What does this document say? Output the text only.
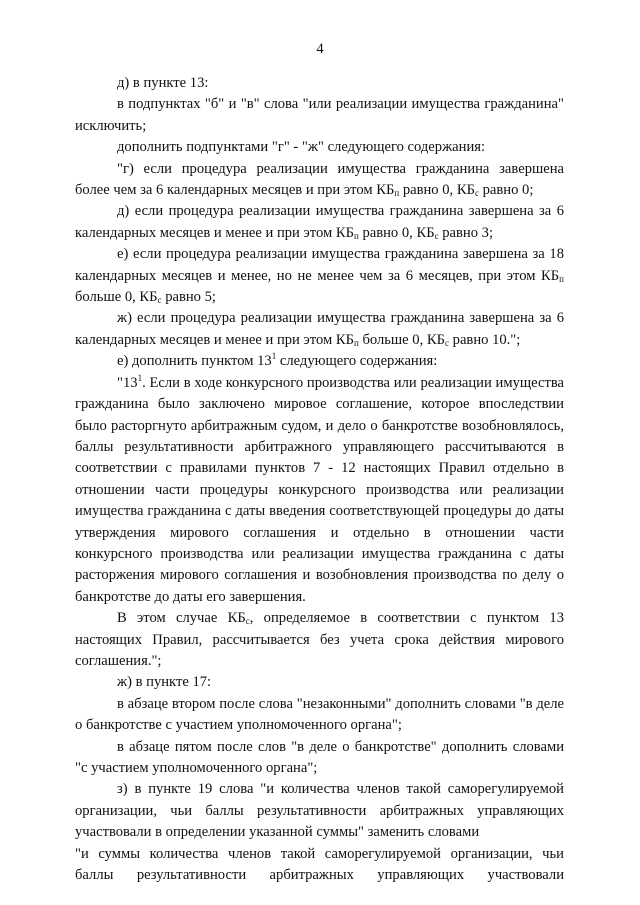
4

д) в пункте 13:

в подпунктах "б" и "в" слова "или реализации имущества гражданина" исключить;

дополнить подпунктами "г" - "ж" следующего содержания:

"г) если процедура реализации имущества гражданина завершена более чем за 6 календарных месяцев и при этом $КБ_п$ равно 0, $КБ_с$ равно 0;

д) если процедура реализации имущества гражданина завершена за 6 календарных месяцев и менее и при этом $КБ_п$ равно 0, $КБ_с$ равно 3;

е) если процедура реализации имущества гражданина завершена за 18 календарных месяцев и менее, но не менее чем за 6 месяцев, при этом $КБ_п$ больше 0, $КБ_с$ равно 5;

ж) если процедура реализации имущества гражданина завершена за 6 календарных месяцев и менее и при этом $КБ_п$ больше 0, $КБ_с$ равно 10.";

е) дополнить пунктом $13^1$ следующего содержания:

"$13^1$. Если в ходе конкурсного производства или реализации имущества гражданина было заключено мировое соглашение, которое впоследствии было расторгнуто арбитражным судом, и дело о банкротстве возобновлялось, баллы результативности арбитражного управляющего рассчитываются в соответствии с правилами пунктов 7 - 12 настоящих Правил отдельно в отношении части процедуры конкурсного производства или реализации имущества гражданина с даты введения соответствующей процедуры до даты утверждения мирового соглашения и отдельно в отношении части конкурсного производства или реализации имущества гражданина с даты расторжения мирового соглашения и возобновления производства по делу о банкротстве до даты его завершения.

В этом случае $КБ_с$, определяемое в соответствии с пунктом 13 настоящих Правил, рассчитывается без учета срока действия мирового соглашения.";

ж) в пункте 17:

в абзаце втором после слова "незаконными" дополнить словами "в деле о банкротстве с участием уполномоченного органа";

в абзаце пятом после слов "в деле о банкротстве" дополнить словами "с участием уполномоченного органа";

з) в пункте 19 слова "и количества членов такой саморегулируемой организации, чьи баллы результативности арбитражных управляющих участвовали в определении указанной суммы" заменить словами

"и суммы количества членов такой саморегулируемой организации, чьи баллы результативности арбитражных управляющих участвовали
